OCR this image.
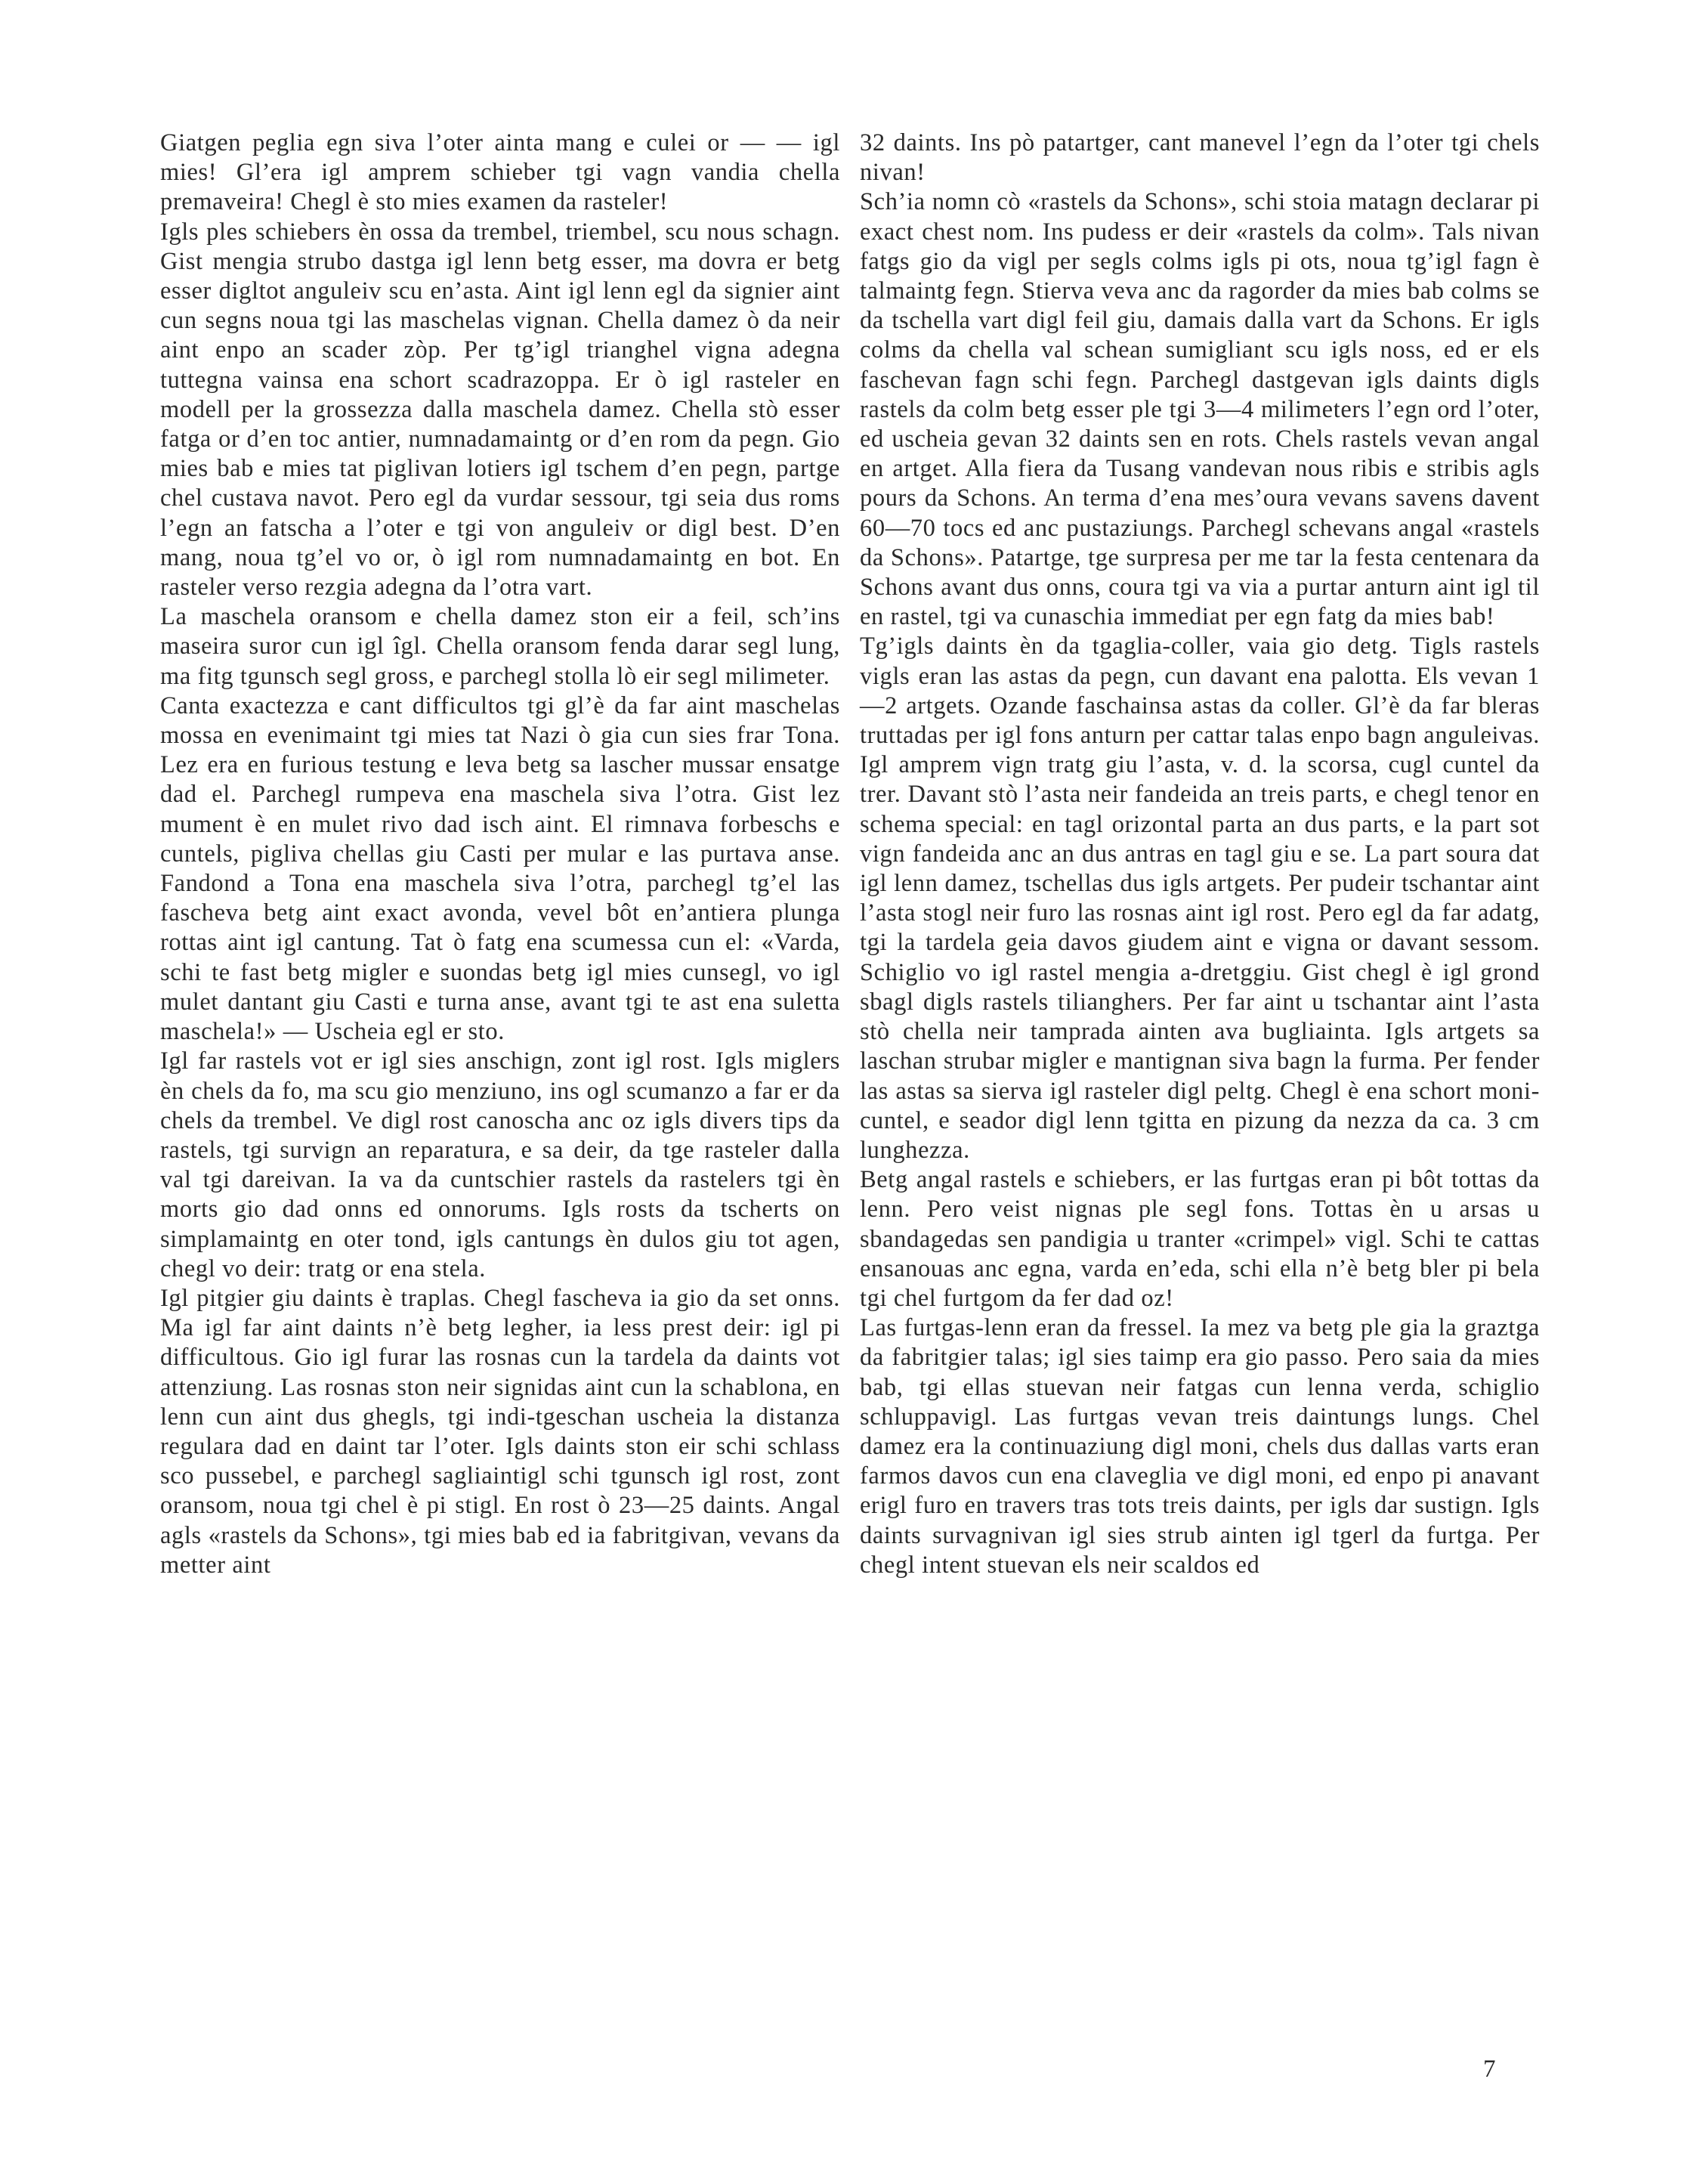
Giatgen peglia egn siva l’oter ainta mang e culei or — — igl mies! Gl’era igl amprem schieber tgi vagn vandia chella premaveira! Chegl è sto mies examen da rasteler!

Igls ples schiebers èn ossa da trembel, triembel, scu nous schagn. Gist mengia strubo dastga igl lenn betg esser, ma dovra er betg esser digltot anguleiv scu en’asta. Aint igl lenn egl da signier aint cun segns noua tgi las maschelas vignan. Chella damez ò da neir aint enpo an scader zòp. Per tg’igl trianghel vigna adegna tuttegna vainsa ena schort scadrazoppa. Er ò igl rasteler en modell per la grossezza dalla maschela damez. Chella stò esser fatga or d’en toc antier, numnadamaintg or d’en rom da pegn. Gio mies bab e mies tat piglivan lotiers igl tschem d’en pegn, partge chel custava navot. Pero egl da vurdar sessour, tgi seia dus roms l’egn an fatscha a l’oter e tgi von anguleiv or digl best. D’en mang, noua tg’el vo or, ò igl rom numnadamaintg en bot. En rasteler verso rezgia adegna da l’otra vart.

La maschela oransom e chella damez ston eir a feil, sch’ins maseira suror cun igl îgl. Chella oransom fenda darar segl lung, ma fitg tgunsch segl gross, e parchegl stolla lò eir segl milimeter.

Canta exactezza e cant difficultos tgi gl’è da far aint maschelas mossa en evenimaint tgi mies tat Nazi ò gia cun sies frar Tona. Lez era en furious testung e leva betg sa lascher mussar ensatge dad el. Parchegl rumpeva ena maschela siva l’otra. Gist lez mument è en mulet rivo dad isch aint. El rimnava forbeschs e cuntels, pigliva chellas giu Casti per mular e las purtava anse. Fandond a Tona ena maschela siva l’otra, parchegl tg’el las fascheva betg aint exact avonda, vevel bôt en’antiera plunga rottas aint igl cantung. Tat ò fatg ena scumessa cun el: «Varda, schi te fast betg migler e suondas betg igl mies cunsegl, vo igl mulet dantant giu Casti e turna anse, avant tgi te ast ena suletta maschela!» — Uscheia egl er sto.

Igl far rastels vot er igl sies anschign, zont igl rost. Igls miglers èn chels da fo, ma scu gio menziuno, ins ogl scumanzo a far er da chels da trembel. Ve digl rost canoscha anc oz igls divers tips da rastels, tgi survign an reparatura, e sa deir, da tge rasteler dalla val tgi dareivan. Ia va da cuntschier rastels da rastelers tgi èn morts gio dad onns ed onnorums. Igls rosts da tscherts on simplamaintg en oter tond, igls cantungs èn dulos giu tot agen, chegl vo deir: tratg or ena stela.

Igl pitgier giu daints è traplas. Chegl fascheva ia gio da set onns. Ma igl far aint daints n’è betg legher, ia less prest deir: igl pi difficultous. Gio igl furar las rosnas cun la tardela da daints vot attenziung. Las rosnas ston neir signidas aint cun la schablona, en lenn cun aint dus ghegls, tgi indi-tgeschan uscheia la distanza regulara dad en daint tar l’oter. Igls daints ston eir schi schlass sco pussebel, e parchegl sagliaintigl schi tgunsch igl rost, zont oransom, noua tgi chel è pi stigl. En rost ò 23—25 daints. Angal agls «rastels da Schons», tgi mies bab ed ia fabritgivan, vevans da metter aint

32 daints. Ins pò patartger, cant manevel l’egn da l’oter tgi chels nivan!

Sch’ia nomn cò «rastels da Schons», schi stoia matagn declarar pi exact chest nom. Ins pudess er deir «rastels da colm». Tals nivan fatgs gio da vigl per segls colms igls pi ots, noua tg’igl fagn è talmaintg fegn. Stierva veva anc da ragorder da mies bab colms se da tschella vart digl feil giu, damais dalla vart da Schons. Er igls colms da chella val schean sumigliant scu igls noss, ed er els faschevan fagn schi fegn. Parchegl dastgevan igls daints digls rastels da colm betg esser ple tgi 3—4 milimeters l’egn ord l’oter, ed uscheia gevan 32 daints sen en rots. Chels rastels vevan angal en artget. Alla fiera da Tusang vandevan nous ribis e stribis agls pours da Schons. An terma d’ena mes’oura vevans savens davent 60—70 tocs ed anc pustaziungs. Parchegl schevans angal «rastels da Schons». Patartge, tge surpresa per me tar la festa centenara da Schons avant dus onns, coura tgi va via a purtar anturn aint igl til en rastel, tgi va cunaschia immediat per egn fatg da mies bab!

Tg’igls daints èn da tgaglia-coller, vaia gio detg. Tigls rastels vigls eran las astas da pegn, cun davant ena palotta. Els vevan 1—2 artgets. Ozande faschainsa astas da coller. Gl’è da far bleras truttadas per igl fons anturn per cattar talas enpo bagn anguleivas. Igl amprem vign tratg giu l’asta, v. d. la scorsa, cugl cuntel da trer. Davant stò l’asta neir fandeida an treis parts, e chegl tenor en schema special: en tagl orizontal parta an dus parts, e la part sot vign fandeida anc an dus antras en tagl giu e se. La part soura dat igl lenn damez, tschellas dus igls artgets. Per pudeir tschantar aint l’asta stogl neir furo las rosnas aint igl rost. Pero egl da far adatg, tgi la tardela geia davos giudem aint e vigna or davant sessom. Schiglio vo igl rastel mengia a-dretggiu. Gist chegl è igl grond sbagl digls rastels tilianghers. Per far aint u tschantar aint l’asta stò chella neir tamprada ainten ava bugliainta. Igls artgets sa laschan strubar migler e mantignan siva bagn la furma. Per fender las astas sa sierva igl rasteler digl peltg. Chegl è ena schort moni-cuntel, e seador digl lenn tgitta en pizung da nezza da ca. 3 cm lunghezza.

Betg angal rastels e schiebers, er las furtgas eran pi bôt tottas da lenn. Pero veist nignas ple segl fons. Tottas èn u arsas u sbandagedas sen pandigia u tranter «crimpel» vigl. Schi te cattas ensanouas anc egna, varda en’eda, schi ella n’è betg bler pi bela tgi chel furtgom da fer dad oz!

Las furtgas-lenn eran da fressel. Ia mez va betg ple gia la graztga da fabritgier talas; igl sies taimp era gio passo. Pero saia da mies bab, tgi ellas stuevan neir fatgas cun lenna verda, schiglio schluppavigl. Las furtgas vevan treis daintungs lungs. Chel damez era la continuaziung digl moni, chels dus dallas varts eran farmos davos cun ena claveglia ve digl moni, ed enpo pi anavant erigl furo en travers tras tots treis daints, per igls dar sustign. Igls daints survagnivan igl sies strub ainten igl tgerl da furtga. Per chegl intent stuevan els neir scaldos ed

7
